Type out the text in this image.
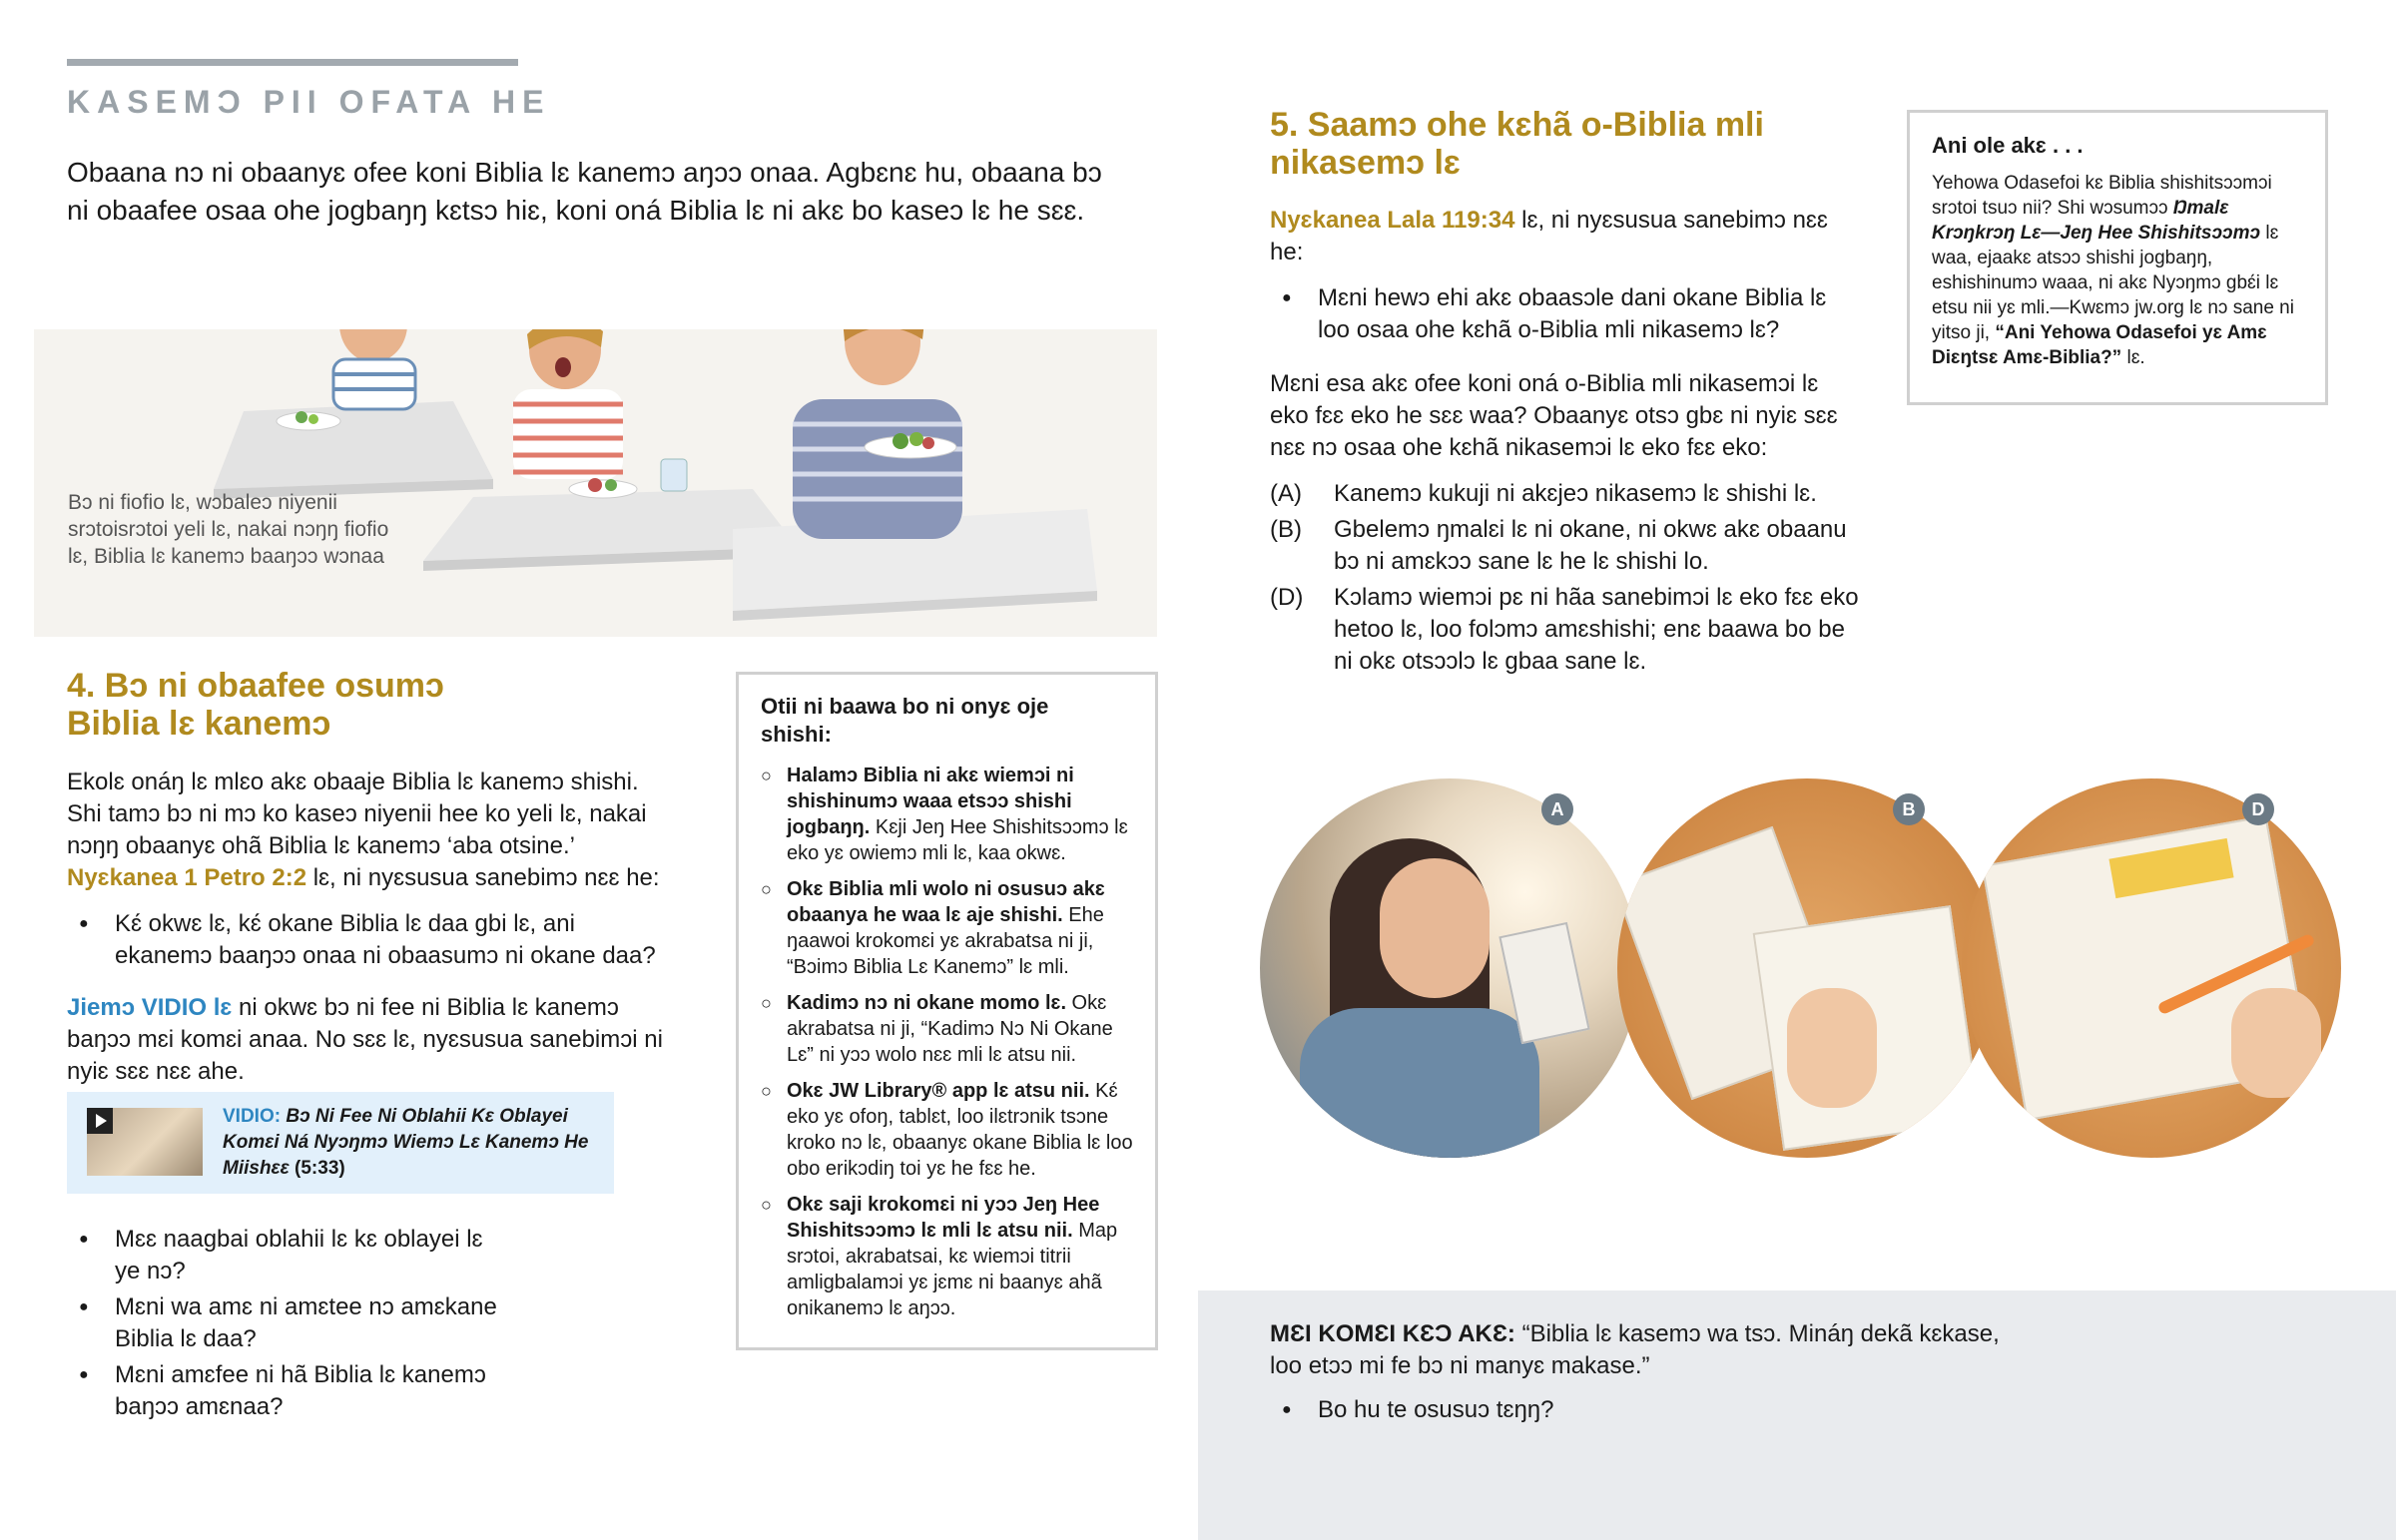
KASEMƆ PII OFATA HE

Obaana nɔ ni obaanyɛ ofee koni Biblia lɛ kanemɔ aŋɔɔ onaa. Agbɛnɛ hu, obaana bɔ ni obaafee osaa ohe jogbaŋŋ kɛtsɔ hiɛ, koni oná Biblia lɛ ni akɛ bo kaseɔ lɛ he sɛɛ.

Bɔ ni fiofio lɛ, wɔbaleɔ niyenii srɔtoisrɔtoi yeli lɛ, nakai nɔŋŋ fiofio lɛ, Biblia lɛ kanemɔ baaŋɔɔ wɔnaa

4. Bɔ ni obaafee osumɔ Biblia lɛ kanemɔ

Ekolɛ onáŋ lɛ mlɛo akɛ obaaje Biblia lɛ kanemɔ shishi. Shi tamɔ bɔ ni mɔ ko kaseɔ niyenii hee ko yeli lɛ, nakai nɔŋŋ obaanyɛ ohã Biblia lɛ kanemɔ ‘aba otsine.’ Nyɛkanea 1 Petro 2:2 lɛ, ni nyɛsusua sanebimɔ nɛɛ he:

● Kɛ́ okwɛ lɛ, kɛ́ okane Biblia lɛ daa gbi lɛ, ani ekanemɔ baaŋɔɔ onaa ni obaasumɔ ni okane daa?

Jiemɔ VIDIO lɛ ni okwɛ bɔ ni fee ni Biblia lɛ kanemɔ baŋɔɔ mɛi komɛi anaa. No sɛɛ lɛ, nyɛsusua sanebimɔi ni nyiɛ sɛɛ nɛɛ ahe.

VIDIO: Bɔ Ni Fee Ni Oblahii Kɛ Oblayei Komɛi Ná Nyɔŋmɔ Wiemɔ Lɛ Kanemɔ He Miishɛɛ (5:33)
● Mɛɛ naagbai oblahii lɛ kɛ oblayei lɛ ye nɔ?
● Mɛni wa amɛ ni amɛtee nɔ amɛkane Biblia lɛ daa?
● Mɛni amɛfee ni hã Biblia lɛ kanemɔ baŋɔɔ amɛnaa?
Otii ni baawa bo ni onyɛ oje shishi:
○ Halamɔ Biblia ni akɛ wiemɔi ni shishinumɔ waaa etsɔɔ shishi jogbaŋŋ. Kɛji Jeŋ Hee Shishitsɔɔmɔ lɛ eko yɛ owiemɔ mli lɛ, kaa okwɛ.
○ Okɛ Biblia mli wolo ni osusuɔ akɛ obaanya he waa lɛ aje shishi. Ehe ŋaawoi krokomɛi yɛ akrabatsa ni ji, “Bɔimɔ Biblia Lɛ Kanemɔ” lɛ mli.
○ Kadimɔ nɔ ni okane momo lɛ. Okɛ akrabatsa ni ji, “Kadimɔ Nɔ Ni Okane Lɛ” ni yɔɔ wolo nɛɛ mli lɛ atsu nii.
○ Okɛ JW Library® app lɛ atsu nii. Kɛ́ eko yɛ ofoŋ, tablɛt, loo ilɛtrɔnik tsɔne kroko nɔ lɛ, obaanyɛ okane Biblia lɛ loo obo erikɔdiŋ toi yɛ he fɛɛ he.
○ Okɛ saji krokomɛi ni yɔɔ Jeŋ Hee Shishitsɔɔmɔ lɛ mli lɛ atsu nii. Map srɔtoi, akrabatsai, kɛ wiemɔi titrii amligbalamɔi yɛ jɛmɛ ni baanyɛ ahã onikanemɔ lɛ aŋɔɔ.
5. Saamɔ ohe kɛhã o-Biblia mli nikasemɔ lɛ

Nyɛkanea Lala 119:34 lɛ, ni nyɛsusua sanebimɔ nɛɛ he:

● Mɛni hewɔ ehi akɛ obaasɔle dani okane Biblia lɛ loo osaa ohe kɛhã o-Biblia mli nikasemɔ lɛ?

Mɛni esa akɛ ofee koni oná o-Biblia mli nikasemɔi lɛ eko fɛɛ eko he sɛɛ waa? Obaanyɛ otsɔ gbɛ ni nyiɛ sɛɛ nɛɛ nɔ osaa ohe kɛhã nikasemɔi lɛ eko fɛɛ eko:

(A) Kanemɔ kukuji ni akɛjeɔ nikasemɔ lɛ shishi lɛ.
(B) Gbelemɔ ŋmalɛi lɛ ni okane, ni okwɛ akɛ obaanu bɔ ni amɛkɔɔ sane lɛ he lɛ shishi lo.
(D) Kɔlamɔ wiemɔi pɛ ni hãa sanebimɔi lɛ eko fɛɛ eko hetoo lɛ, loo folɔmɔ amɛshishi; enɛ baawa bo be ni okɛ otsɔɔlɔ lɛ gbaa sane lɛ.
Ani ole akɛ . . .
Yehowa Odasefoi kɛ Biblia shishitsɔɔmɔi srɔtoi tsuɔ nii? Shi wɔsumɔɔ Ŋmalɛ Krɔŋkrɔŋ Lɛ—Jeŋ Hee Shishitsɔɔmɔ lɛ waa, ejaakɛ atsɔɔ shishi jogbaŋŋ, eshishinumɔ waaa, ni akɛ Nyɔŋmɔ gbɛ́i lɛ etsu nii yɛ mli.—Kwɛmɔ jw.org lɛ nɔ sane ni yitso ji, “Ani Yehowa Odasefoi yɛ Amɛ Diɛŋtsɛ Amɛ-Biblia?” lɛ.
A	B	D

MƐI KOMƐI KƐƆ AKƐ: “Biblia lɛ kasemɔ wa tsɔ. Mináŋ dekã kɛkase, loo etɔɔ mi fe bɔ ni manyɛ makase.”

● Bo hu te osusuɔ tɛŋŋ?
